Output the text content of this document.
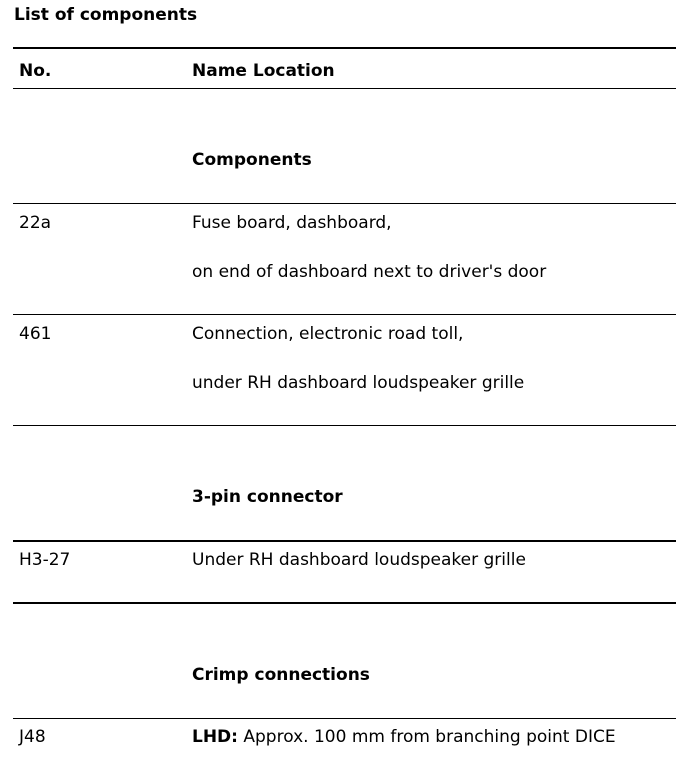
List of components
No.	Name Location
Components
22a	Fuse board, dashboard,
on end of dashboard next to driver's door
461	Connection, electronic road toll,
under RH dashboard loudspeaker grille
3-pin connector
H3-27	Under RH dashboard loudspeaker grille
Crimp connections
J48	LHD: Approx. 100 mm from branching point DICE
